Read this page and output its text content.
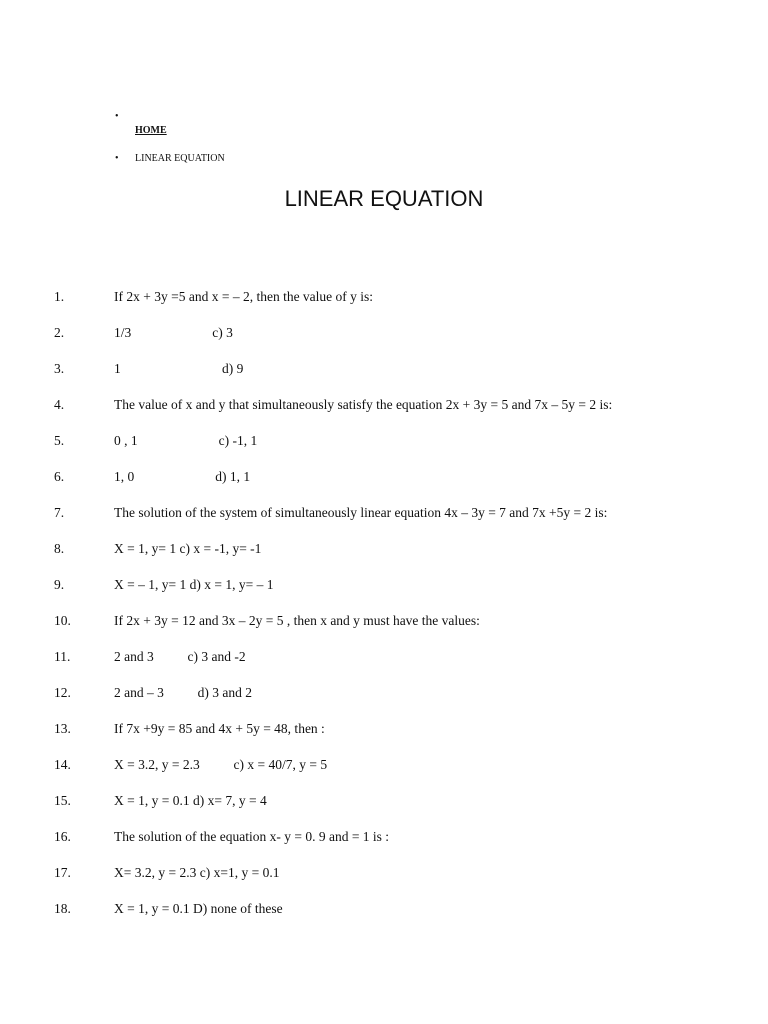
•
HOME
• LINEAR EQUATION
LINEAR EQUATION
1.	If 2x + 3y =5 and x = – 2, then the value of y is:
2.	1/3                        c) 3
3.	1                              d) 9
4.	The value of x and y that simultaneously satisfy the equation 2x + 3y = 5 and 7x – 5y = 2 is:
5.	0 , 1                        c) -1, 1
6.	1, 0                        d) 1, 1
7.	The solution of the system of simultaneously linear equation 4x – 3y = 7 and 7x +5y = 2 is:
8.	X = 1, y= 1 c) x = -1, y= -1
9.	X = – 1, y= 1 d) x = 1, y= – 1
10.	If 2x + 3y = 12 and 3x – 2y = 5 , then x and y must have the values:
11.	2 and 3          c) 3 and -2
12.	2 and – 3          d) 3 and 2
13.	If 7x +9y = 85 and 4x + 5y = 48, then :
14.	X = 3.2, y = 2.3          c) x = 40/7, y = 5
15.	X = 1, y = 0.1 d) x= 7, y = 4
16.	The solution of the equation x- y = 0. 9 and = 1 is :
17.	X= 3.2, y = 2.3 c) x=1, y = 0.1
18.	X = 1, y = 0.1 D) none of these
